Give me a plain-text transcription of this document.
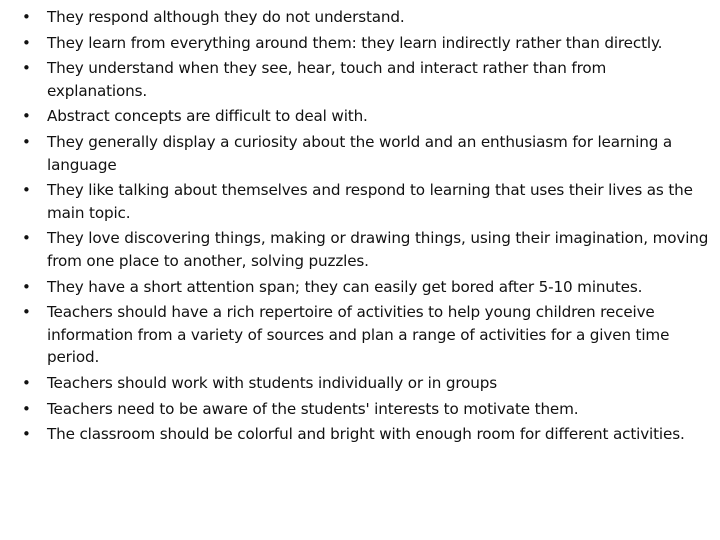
• They respond although they do not understand.
• They learn from everything around them: they learn indirectly rather than directly.
• They understand when they see, hear, touch and interact rather than from explanations.
• Abstract concepts are difficult to deal with.
• They generally display a curiosity about the world and an enthusiasm for learning a language
• They like talking about themselves and respond to learning that uses their lives as the main topic.
• They love discovering things, making or drawing things, using their imagination, moving from one place to another, solving puzzles.
• They have a short attention span; they can easily get bored after 5-10 minutes.
• Teachers should have a rich repertoire of activities to help young children receive information from a variety of sources and plan a range of activities for a given time period.
• Teachers should work with students individually or in groups
• Teachers need to be aware of the students' interests to motivate them.
• The classroom should be colorful and bright with enough room for different activities.
